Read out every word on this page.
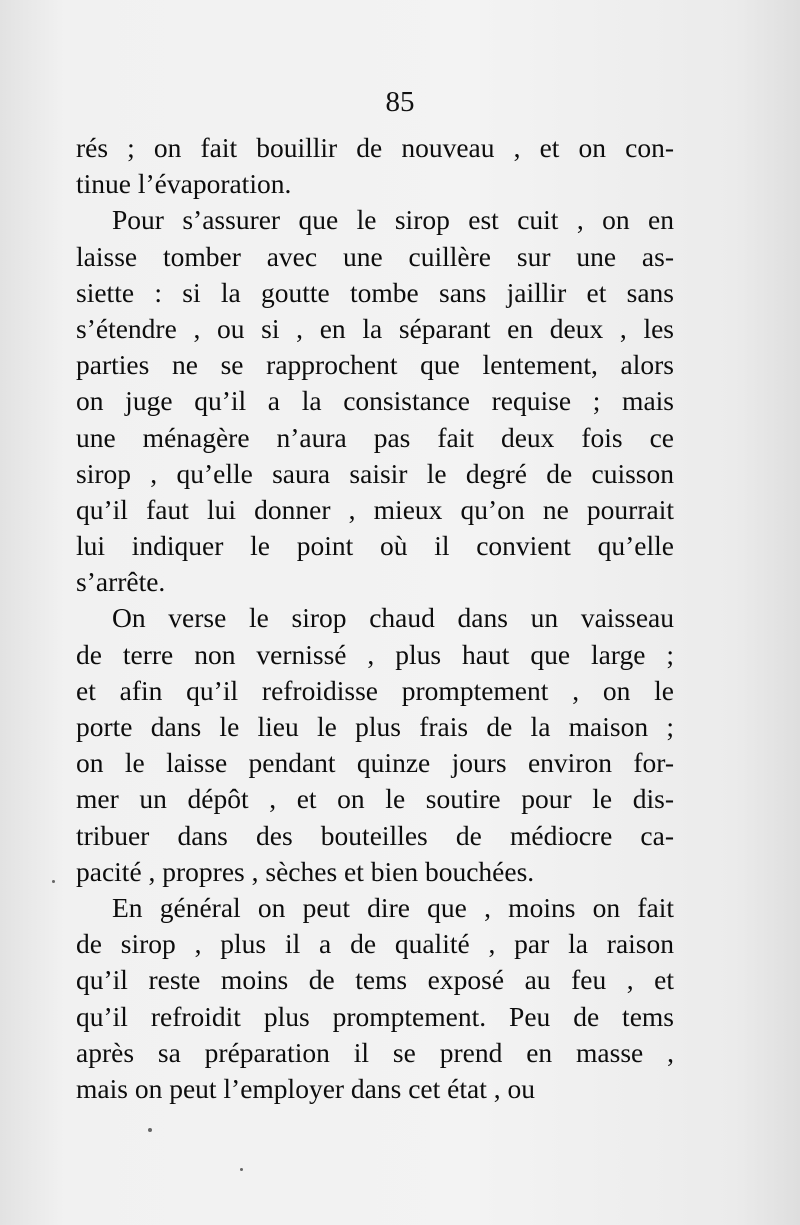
85
rés ; on fait bouillir de nouveau , et on con-
tinue l’évaporation.
Pour s’assurer que le sirop est cuit , on en
laisse tomber avec une cuillère sur une as-
siette : si la goutte tombe sans jaillir et sans
s’étendre , ou si , en la séparant en deux , les
parties ne se rapprochent que lentement, alors
on juge qu’il a la consistance requise ; mais
une ménagère n’aura pas fait deux fois ce
sirop , qu’elle saura saisir le degré de cuisson
qu’il faut lui donner , mieux qu’on ne pourrait
lui indiquer le point où il convient qu’elle
s’arrête.
On verse le sirop chaud dans un vaisseau
de terre non vernissé , plus haut que large ;
et afin qu’il refroidisse promptement , on le
porte dans le lieu le plus frais de la maison ;
on le laisse pendant quinze jours environ for-
mer un dépôt , et on le soutire pour le dis-
tribuer dans des bouteilles de médiocre ca-
pacité , propres , sèches et bien bouchées.
En général on peut dire que , moins on fait
de sirop , plus il a de qualité , par la raison
qu’il reste moins de tems exposé au feu , et
qu’il refroidit plus promptement. Peu de tems
après sa préparation il se prend en masse ,
mais on peut l’employer dans cet état , ou
